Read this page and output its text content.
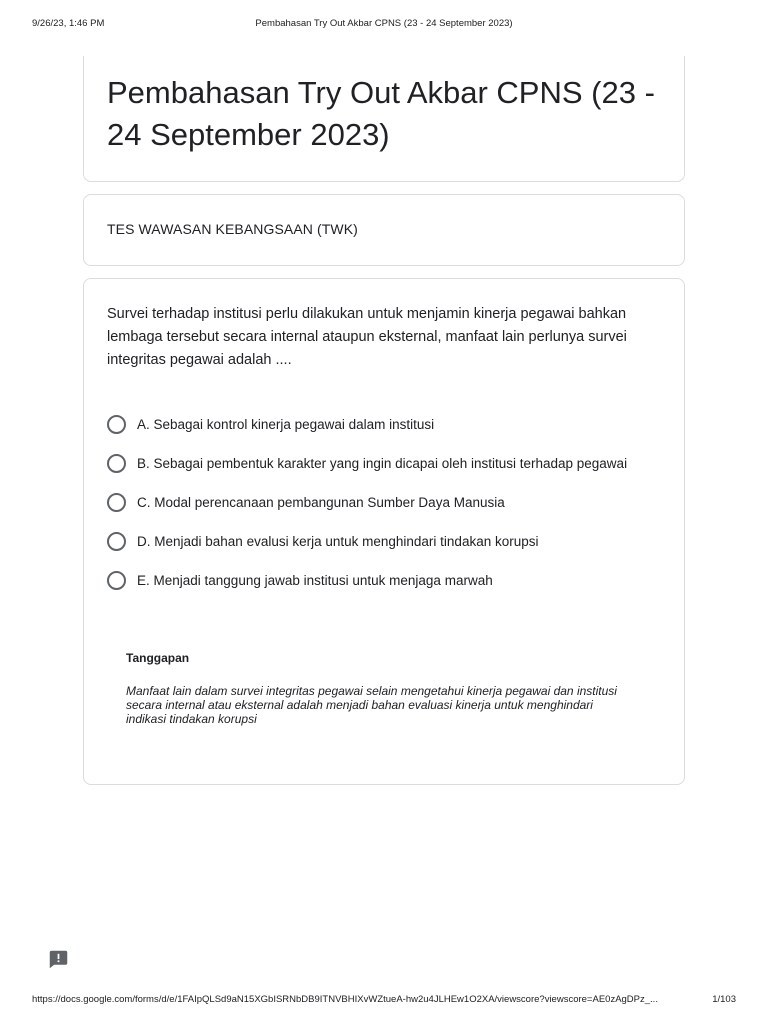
9/26/23, 1:46 PM	Pembahasan Try Out Akbar CPNS (23 - 24 September 2023)
Pembahasan Try Out Akbar CPNS (23 - 24 September 2023)
TES WAWASAN KEBANGSAAN (TWK)
Survei terhadap institusi perlu dilakukan untuk menjamin kinerja pegawai bahkan lembaga tersebut secara internal ataupun eksternal, manfaat lain perlunya survei integritas pegawai adalah ....
A. Sebagai kontrol kinerja pegawai dalam institusi
B. Sebagai pembentuk karakter yang ingin dicapai oleh institusi terhadap pegawai
C. Modal perencanaan pembangunan Sumber Daya Manusia
D. Menjadi bahan evalusi kerja untuk menghindari tindakan korupsi
E. Menjadi tanggung jawab institusi untuk menjaga marwah
Tanggapan
Manfaat lain dalam survei integritas pegawai selain mengetahui kinerja pegawai dan institusi secara internal atau eksternal adalah menjadi bahan evaluasi kinerja untuk menghindari indikasi tindakan korupsi
https://docs.google.com/forms/d/e/1FAIpQLSd9aN15XGbISRNbDB9ITNVBHIXvWZtueA-hw2u4JLHEw1O2XA/viewscore?viewscore=AE0zAgDPz_...	1/103
